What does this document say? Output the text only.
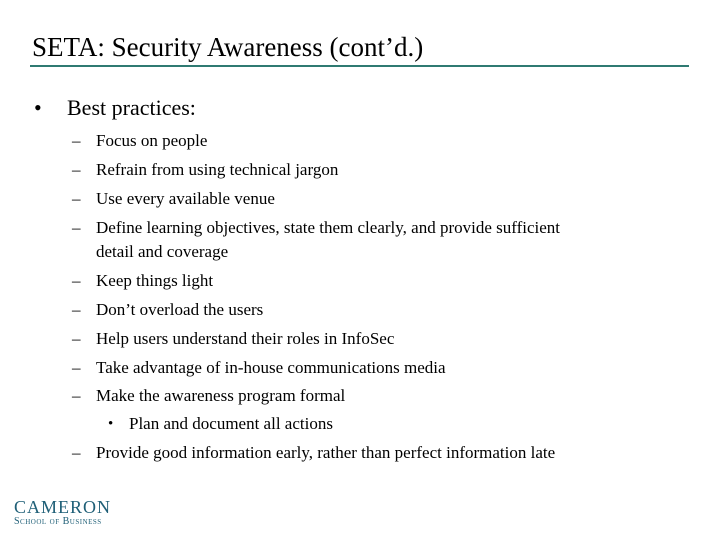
SETA: Security Awareness (cont’d.)
• Best practices:
– Focus on people
– Refrain from using technical jargon
– Use every available venue
– Define learning objectives, state them clearly, and provide sufficient
detail and coverage
– Keep things light
– Don’t overload the users
– Help users understand their roles in InfoSec
– Take advantage of in-house communications media
– Make the awareness program formal
• Plan and document all actions
– Provide good information early, rather than perfect information late
CAMERON
School of Business
